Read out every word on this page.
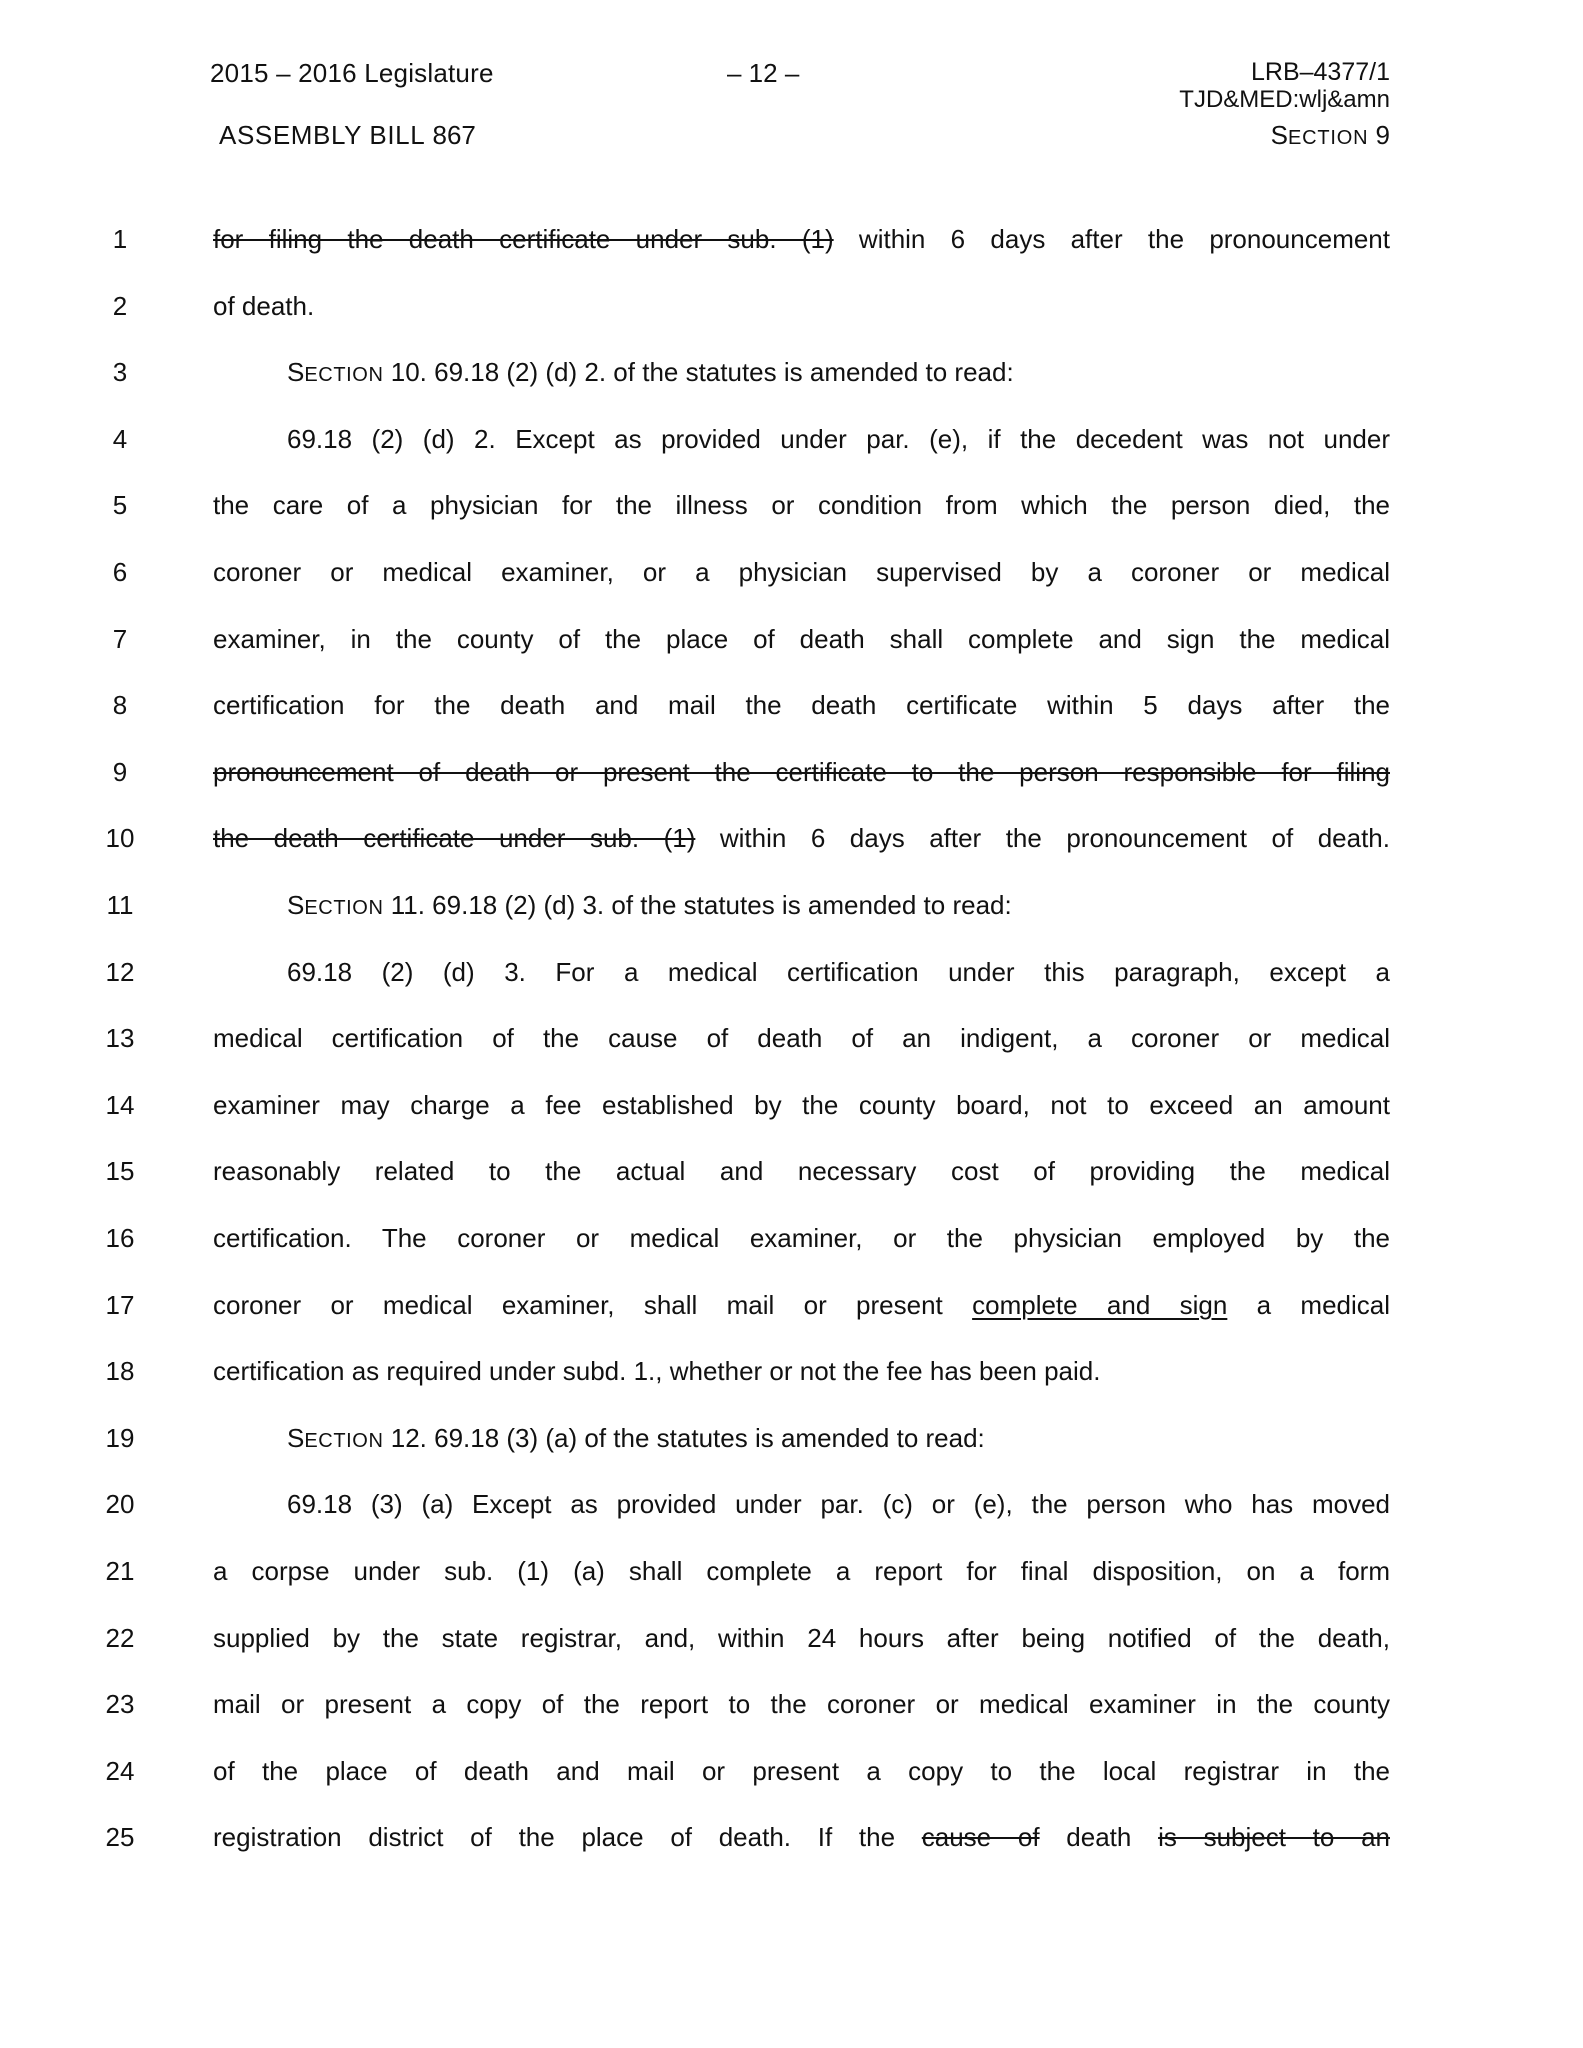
2015 – 2016 Legislature
ASSEMBLY BILL 867
– 12 –	LRB–4377/1
TJD&MED:wlj&amn
SECTION 9
1	for filing the death certificate under sub. (1) within 6 days after the pronouncement
2	of death.
3	SECTION 10. 69.18 (2) (d) 2. of the statutes is amended to read:
4	69.18 (2) (d) 2. Except as provided under par. (e), if the decedent was not under
5	the care of a physician for the illness or condition from which the person died, the
6	coroner or medical examiner, or a physician supervised by a coroner or medical
7	examiner, in the county of the place of death shall complete and sign the medical
8	certification for the death and mail the death certificate within 5 days after the
9	pronouncement of death or present the certificate to the person responsible for filing
10	the death certificate under sub. (1) within 6 days after the pronouncement of death.
11	SECTION 11. 69.18 (2) (d) 3. of the statutes is amended to read:
12	69.18 (2) (d) 3. For a medical certification under this paragraph, except a
13	medical certification of the cause of death of an indigent, a coroner or medical
14	examiner may charge a fee established by the county board, not to exceed an amount
15	reasonably related to the actual and necessary cost of providing the medical
16	certification. The coroner or medical examiner, or the physician employed by the
17	coroner or medical examiner, shall mail or present complete and sign a medical
18	certification as required under subd. 1., whether or not the fee has been paid.
19	SECTION 12. 69.18 (3) (a) of the statutes is amended to read:
20	69.18 (3) (a) Except as provided under par. (c) or (e), the person who has moved
21	a corpse under sub. (1) (a) shall complete a report for final disposition, on a form
22	supplied by the state registrar, and, within 24 hours after being notified of the death,
23	mail or present a copy of the report to the coroner or medical examiner in the county
24	of the place of death and mail or present a copy to the local registrar in the
25	registration district of the place of death. If the cause of death is subject to an
